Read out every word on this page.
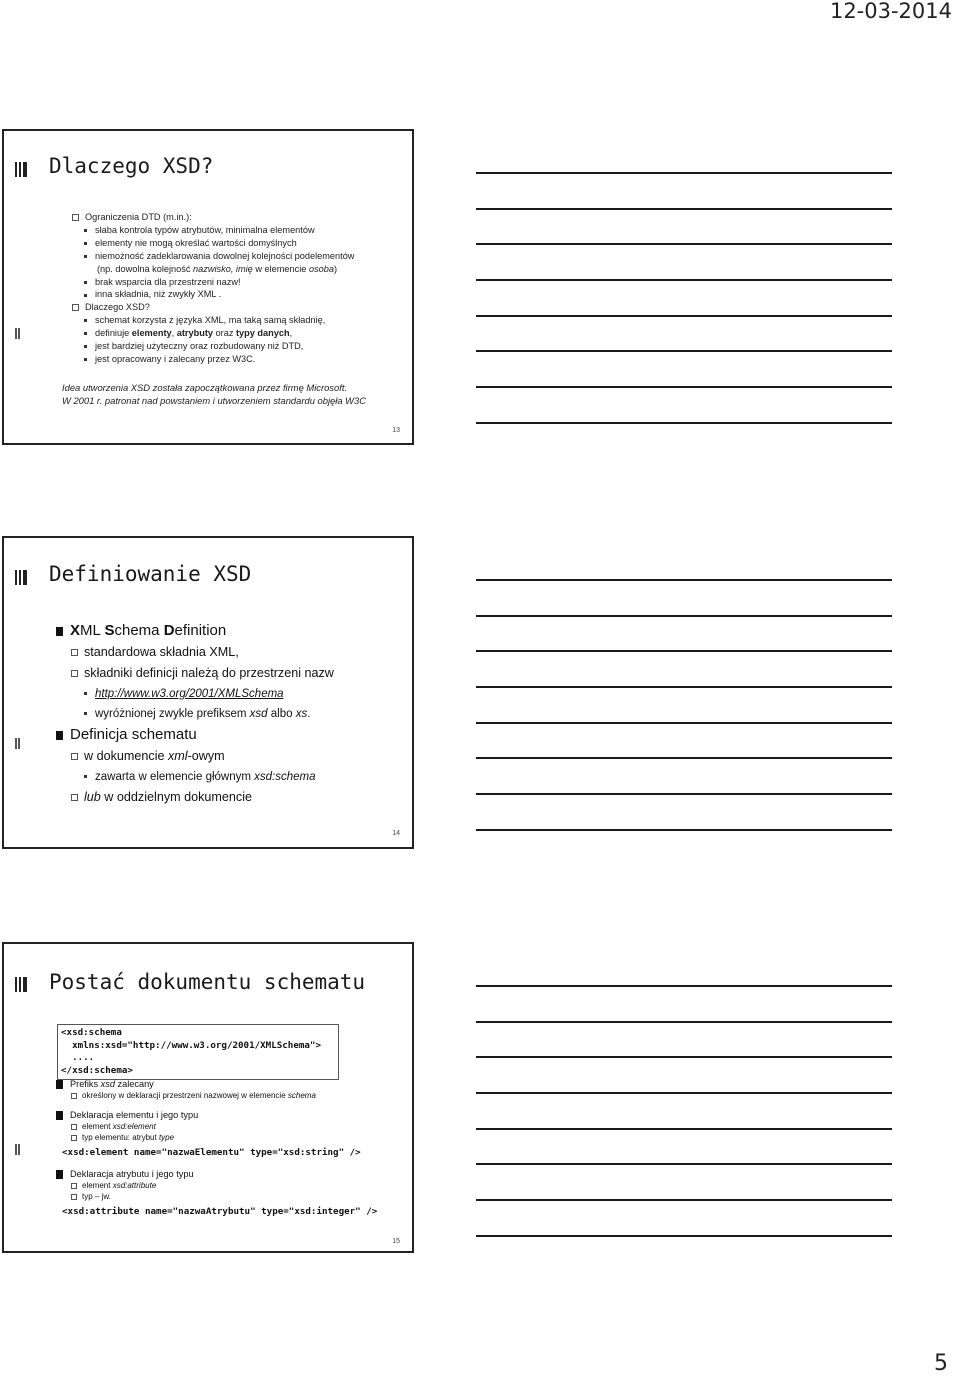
12-03-2014
Dlaczego XSD?
Ograniczenia DTD (m.in.):
słaba kontrola typów atrybutów, minimalna elementów
elementy nie mogą określać wartości domyślnych
niemożność zadeklarowania dowolnej kolejności podelementów
(np. dowolna kolejność nazwisko, imię w elemencie osoba)
brak wsparcia dla przestrzeni nazw!
inna składnia, niż zwykły XML .
Dlaczego XSD?
schemat korzysta z języka XML, ma taką samą składnię,
definiuje elementy, atrybuty oraz typy danych,
jest bardziej użyteczny oraz rozbudowany niż DTD,
jest opracowany i zalecany przez W3C.
Idea utworzenia XSD została zapoczątkowana przez firmę Microsoft.
W 2001 r. patronat nad powstaniem i utworzeniem standardu objęła W3C
13
Definiowanie XSD
XML Schema Definition
standardowa składnia XML,
składniki definicji należą do przestrzeni nazw
http://www.w3.org/2001/XMLSchema
wyróżnionej zwykle prefiksem xsd albo xs.
Definicja schematu
w dokumencie xml-owym
zawarta w elemencie głównym xsd:schema
lub w oddzielnym dokumencie
14
Postać dokumentu schematu
<xsd:schema
xmlns:xsd="http://www.w3.org/2001/XMLSchema">
....
</xsd:schema>
Prefiks xsd zalecany
określony w deklaracji przestrzeni nazwowej w elemencie schema
Deklaracja elementu i jego typu
element xsd:element
typ elementu: atrybut type
<xsd:element name="nazwaElementu" type="xsd:string" />
Deklaracja atrybutu i jego typu
element xsd:attribute
typ – jw.
<xsd:attribute name="nazwaAtrybutu" type="xsd:integer" />
15
5
